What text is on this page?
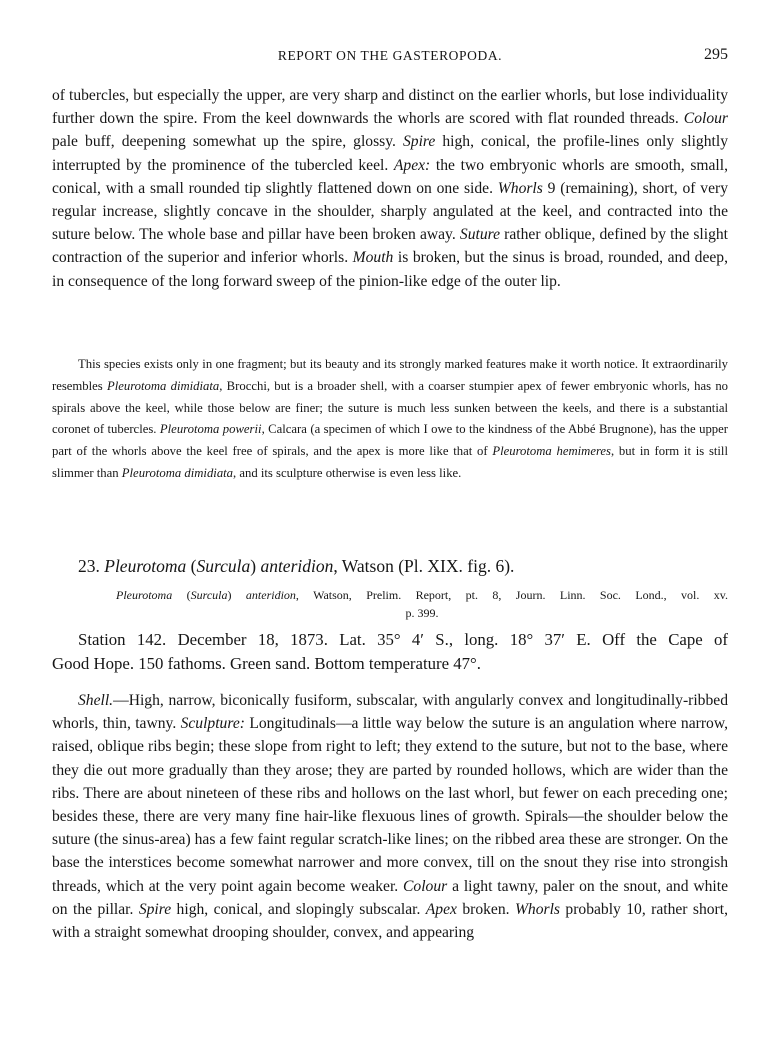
REPORT ON THE GASTEROPODA.	295

of tubercles, but especially the upper, are very sharp and distinct on the earlier whorls, but lose individuality further down the spire. From the keel downwards the whorls are scored with flat rounded threads. Colour pale buff, deepening somewhat up the spire, glossy. Spire high, conical, the profile-lines only slightly interrupted by the prominence of the tubercled keel. Apex: the two embryonic whorls are smooth, small, conical, with a small rounded tip slightly flattened down on one side. Whorls 9 (remaining), short, of very regular increase, slightly concave in the shoulder, sharply angulated at the keel, and contracted into the suture below. The whole base and pillar have been broken away. Suture rather oblique, defined by the slight contraction of the superior and inferior whorls. Mouth is broken, but the sinus is broad, rounded, and deep, in consequence of the long forward sweep of the pinion-like edge of the outer lip.

This species exists only in one fragment; but its beauty and its strongly marked features make it worth notice. It extraordinarily resembles Pleurotoma dimidiata, Brocchi, but is a broader shell, with a coarser stumpier apex of fewer embryonic whorls, has no spirals above the keel, while those below are finer; the suture is much less sunken between the keels, and there is a substantial coronet of tubercles. Pleurotoma powerii, Calcara (a specimen of which I owe to the kindness of the Abbé Brugnone), has the upper part of the whorls above the keel free of spirals, and the apex is more like that of Pleurotoma hemimeres, but in form it is still slimmer than Pleurotoma dimidiata, and its sculpture otherwise is even less like.

23. Pleurotoma (Surcula) anteridion, Watson (Pl. XIX. fig. 6).

Pleurotoma (Surcula) anteridion, Watson, Prelim. Report, pt. 8, Journ. Linn. Soc. Lond., vol. xv.
p. 399.

Station 142. December 18, 1873. Lat. 35° 4′ S., long. 18° 37′ E. Off the Cape of
Good Hope. 150 fathoms. Green sand. Bottom temperature 47°.

Shell.—High, narrow, biconically fusiform, subscalar, with angularly convex and longitudinally-ribbed whorls, thin, tawny. Sculpture: Longitudinals—a little way below the suture is an angulation where narrow, raised, oblique ribs begin; these slope from right to left; they extend to the suture, but not to the base, where they die out more gradually than they arose; they are parted by rounded hollows, which are wider than the ribs. There are about nineteen of these ribs and hollows on the last whorl, but fewer on each preceding one; besides these, there are very many fine hair-like flexuous lines of growth. Spirals—the shoulder below the suture (the sinus-area) has a few faint regular scratch-like lines; on the ribbed area these are stronger. On the base the interstices become somewhat narrower and more convex, till on the snout they rise into strongish threads, which at the very point again become weaker. Colour a light tawny, paler on the snout, and white on the pillar. Spire high, conical, and slopingly subscalar. Apex broken. Whorls probably 10, rather short, with a straight somewhat drooping shoulder, convex, and appearing
